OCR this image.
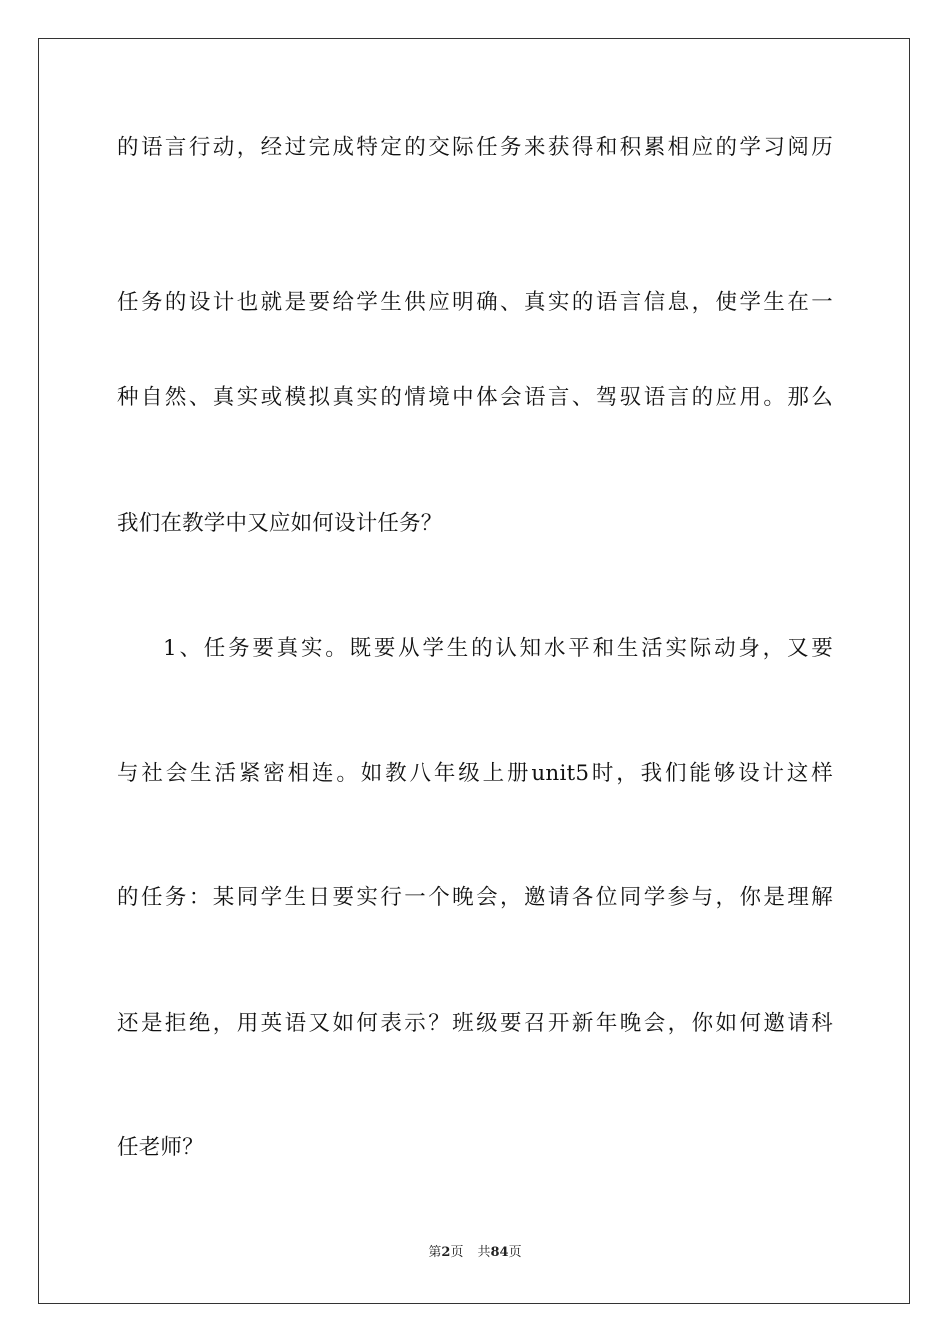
的语言行动，经过完成特定的交际任务来获得和积累相应的学习阅历
任务的设计也就是要给学生供应明确、真实的语言信息，使学生在一
种自然、真实或模拟真实的情境中体会语言、驾驭语言的应用。那么
我们在教学中又应如何设计任务？
1、任务要真实。既要从学生的认知水平和生活实际动身，又要
与社会生活紧密相连。如教八年级上册unit5时，我们能够设计这样
的任务：某同学生日要实行一个晚会，邀请各位同学参与，你是理解
还是拒绝，用英语又如何表示？班级要召开新年晚会，你如何邀请科
任老师？
第2页 共84页
